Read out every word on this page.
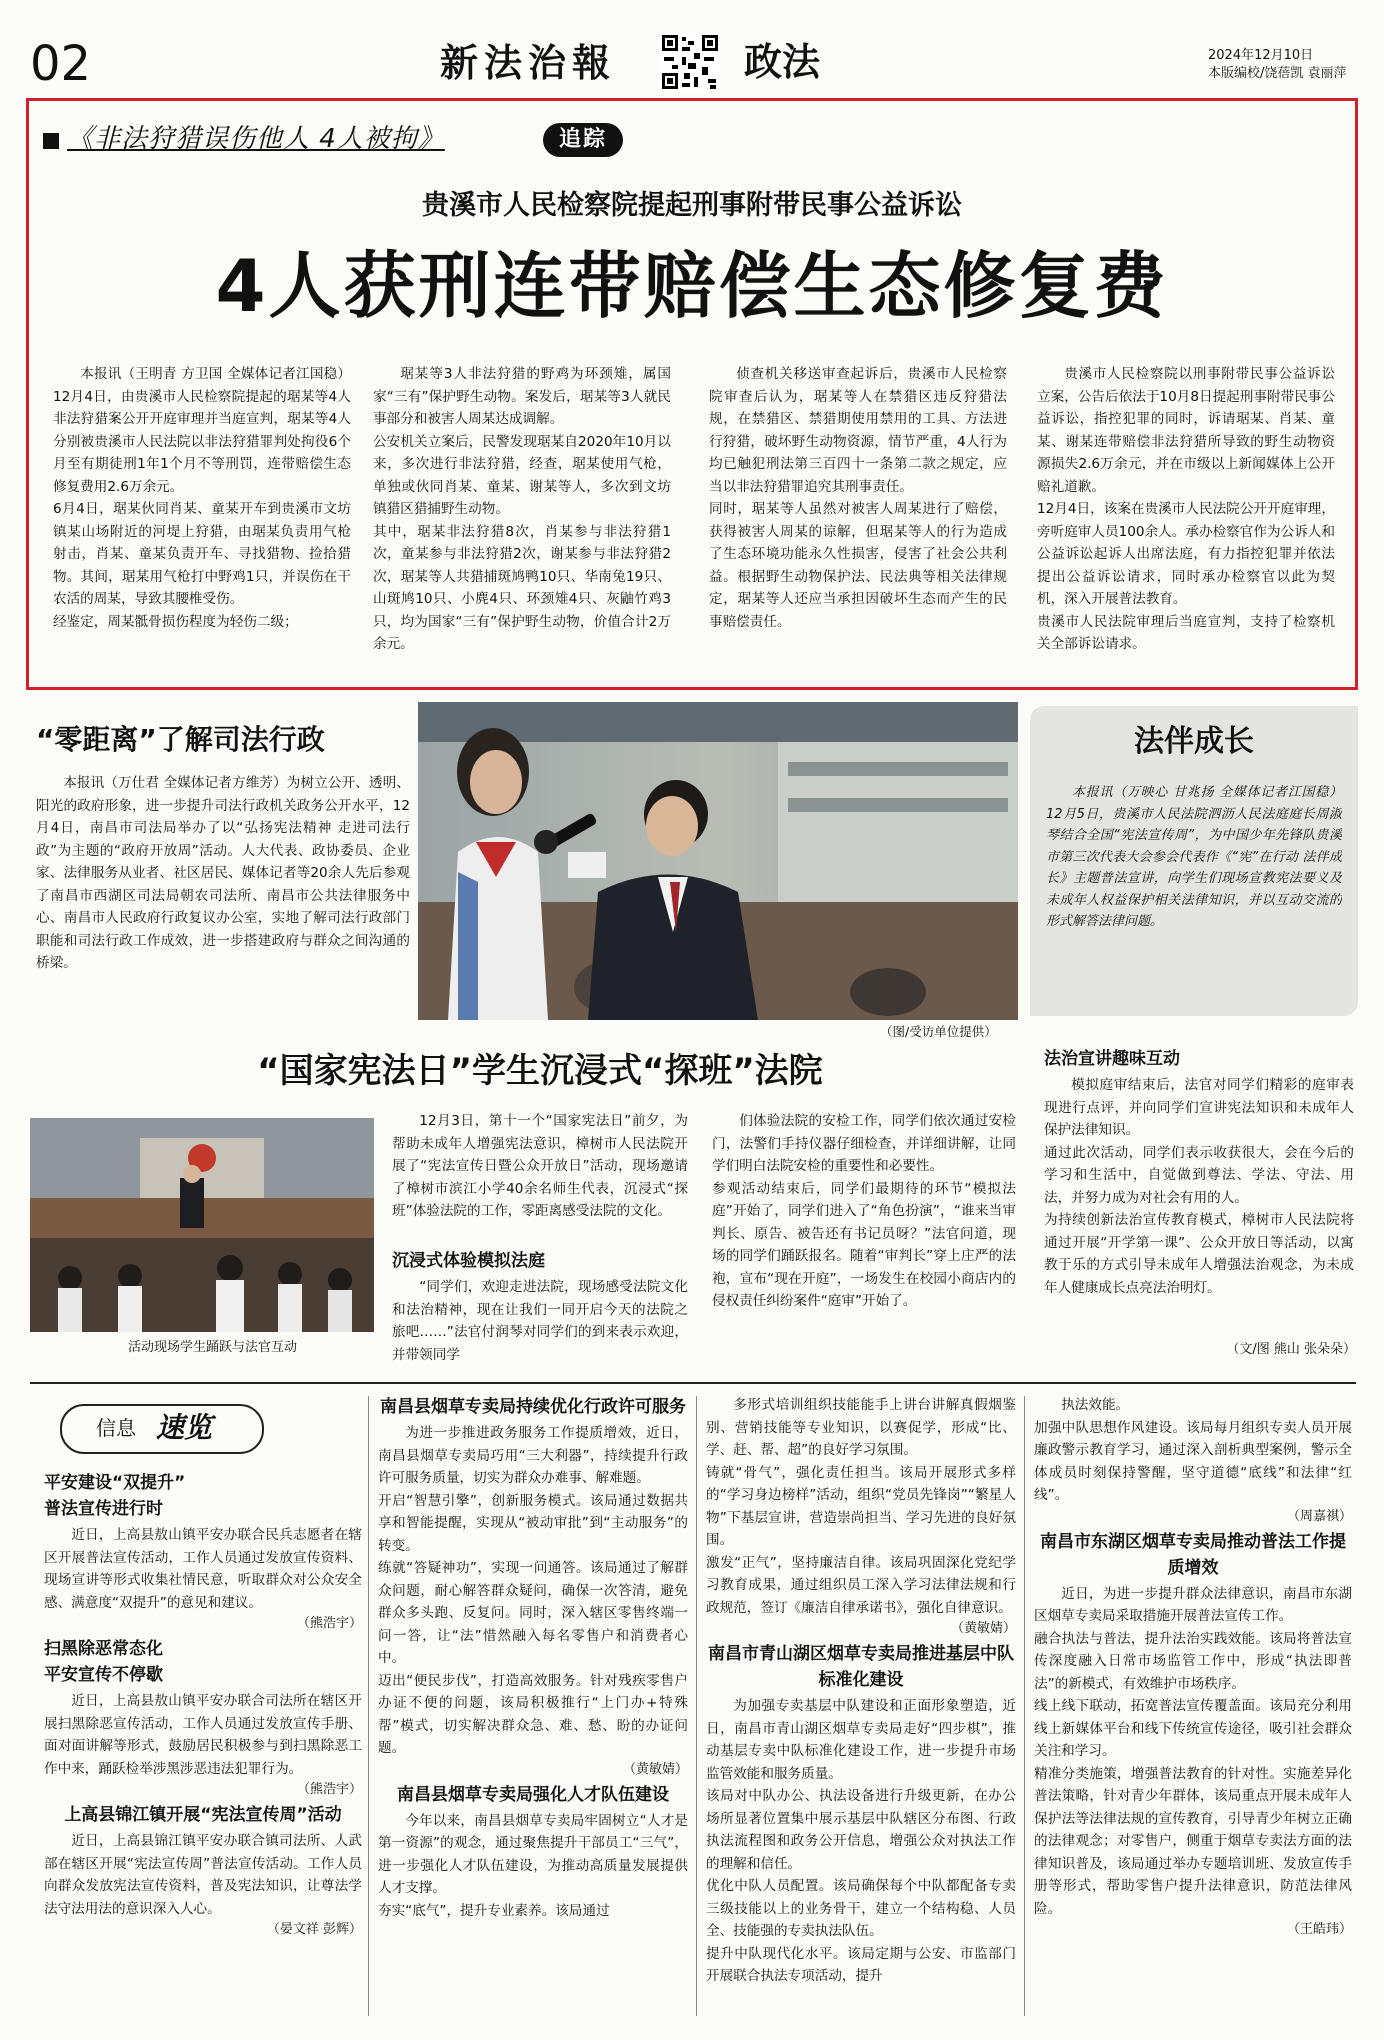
02	新法治報	政法	2024年12月10日
本版编校/饶蓓凯 袁丽萍
《非法狩猎误伤他人 4人被拘》	追踪
贵溪市人民检察院提起刑事附带民事公益诉讼
4人获刑连带赔偿生态修复费
本报讯（王明青 方卫国 全媒体记者江国稳）12月4日，由贵溪市人民检察院提起的琚某等4人非法狩猎案公开开庭审理并当庭宣判，琚某等4人分别被贵溪市人民法院以非法狩猎罪判处拘役6个月至有期徒刑1年1个月不等刑罚，连带赔偿生态修复费用2.6万余元。
6月4日，琚某伙同肖某、童某开车到贵溪市文坊镇某山场附近的河堤上狩猎，由琚某负责用气枪射击，肖某、童某负责开车、寻找猎物、捡拾猎物。其间，琚某用气枪打中野鸡1只，并误伤在干农活的周某，导致其腰椎受伤。
经鉴定，周某骶骨损伤程度为轻伤二级；
琚某等3人非法狩猎的野鸡为环颈雉，属国家“三有”保护野生动物。案发后，琚某等3人就民事部分和被害人周某达成调解。
公安机关立案后，民警发现琚某自2020年10月以来，多次进行非法狩猎，经查，琚某使用气枪，单独或伙同肖某、童某、谢某等人，多次到文坊镇猎区猎捕野生动物。
其中，琚某非法狩猎8次，肖某参与非法狩猎1次，童某参与非法狩猎2次，谢某参与非法狩猎2次，琚某等人共猎捕斑鸠鸭10只、华南兔19只、山斑鸠10只、小麂4只、环颈雉4只、灰鼬竹鸡3只，均为国家“三有”保护野生动物，价值合计2万余元。
侦查机关移送审查起诉后，贵溪市人民检察院审查后认为，琚某等人在禁猎区违反狩猎法规，在禁猎区、禁猎期使用禁用的工具、方法进行狩猎，破坏野生动物资源，情节严重，4人行为均已触犯刑法第三百四十一条第二款之规定，应当以非法狩猎罪追究其刑事责任。
同时，琚某等人虽然对被害人周某进行了赔偿，获得被害人周某的谅解，但琚某等人的行为造成了生态环境功能永久性损害，侵害了社会公共利益。根据野生动物保护法、民法典等相关法律规定，琚某等人还应当承担因破坏生态而产生的民事赔偿责任。
贵溪市人民检察院以刑事附带民事公益诉讼立案，公告后依法于10月8日提起刑事附带民事公益诉讼，指控犯罪的同时，诉请琚某、肖某、童某、谢某连带赔偿非法狩猎所导致的野生动物资源损失2.6万余元，并在市级以上新闻媒体上公开赔礼道歉。
12月4日，该案在贵溪市人民法院公开开庭审理，旁听庭审人员100余人。承办检察官作为公诉人和公益诉讼起诉人出席法庭，有力指控犯罪并依法提出公益诉讼请求，同时承办检察官以此为契机，深入开展普法教育。
贵溪市人民法院审理后当庭宣判，支持了检察机关全部诉讼请求。
“零距离”了解司法行政
本报讯（万仕君 全媒体记者方维芳）为树立公开、透明、阳光的政府形象，进一步提升司法行政机关政务公开水平，12月4日，南昌市司法局举办了以“弘扬宪法精神 走进司法行政”为主题的“政府开放周”活动。人大代表、政协委员、企业家、法律服务从业者、社区居民、媒体记者等20余人先后参观了南昌市西湖区司法局朝农司法所、南昌市公共法律服务中心、南昌市人民政府行政复议办公室，实地了解司法行政部门职能和司法行政工作成效，进一步搭建政府与群众之间沟通的桥梁。
（图/受访单位提供）
法伴成长
本报讯（万映心 甘兆扬 全媒体记者江国稳）12月5日，贵溪市人民法院泗沥人民法庭庭长周淑琴结合全国“宪法宣传周”，为中国少年先锋队贵溪市第三次代表大会参会代表作《“宪”在行动 法伴成长》主题普法宣讲，向学生们现场宣教宪法要义及未成年人权益保护相关法律知识，并以互动交流的形式解答法律问题。
“国家宪法日”学生沉浸式“探班”法院
活动现场学生踊跃与法官互动
12月3日，第十一个“国家宪法日”前夕，为帮助未成年人增强宪法意识，樟树市人民法院开展了“宪法宣传日暨公众开放日”活动，现场邀请了樟树市滨江小学40余名师生代表，沉浸式“探班”体验法院的工作，零距离感受法院的文化。
沉浸式体验模拟法庭
“同学们，欢迎走进法院，现场感受法院文化和法治精神，现在让我们一同开启今天的法院之旅吧……”法官付润琴对同学们的到来表示欢迎，并带领同学
们体验法院的安检工作，同学们依次通过安检门，法警们手持仪器仔细检查，并详细讲解，让同学们明白法院安检的重要性和必要性。
参观活动结束后，同学们最期待的环节“模拟法庭”开始了，同学们进入了“角色扮演”，“谁来当审判长、原告、被告还有书记员呀？”法官问道，现场的同学们踊跃报名。随着“审判长”穿上庄严的法袍，宣布“现在开庭”，一场发生在校园小商店内的侵权责任纠纷案件“庭审”开始了。
法治宣讲趣味互动
模拟庭审结束后，法官对同学们精彩的庭审表现进行点评，并向同学们宣讲宪法知识和未成年人保护法律知识。
通过此次活动，同学们表示收获很大，会在今后的学习和生活中，自觉做到尊法、学法、守法、用法，并努力成为对社会有用的人。
为持续创新法治宣传教育模式，樟树市人民法院将通过开展“开学第一课”、公众开放日等活动，以寓教于乐的方式引导未成年人增强法治观念，为未成年人健康成长点亮法治明灯。
（文/图 熊山 张朵朵）
信息 速览
平安建设“双提升”
普法宣传进行时
近日，上高县敖山镇平安办联合民兵志愿者在辖区开展普法宣传活动，工作人员通过发放宣传资料、现场宣讲等形式收集社情民意，听取群众对公众安全感、满意度“双提升”的意见和建议。
（熊浩宇）
扫黑除恶常态化
平安宣传不停歇
近日，上高县敖山镇平安办联合司法所在辖区开展扫黑除恶宣传活动，工作人员通过发放宣传手册、面对面讲解等形式，鼓励居民积极参与到扫黑除恶工作中来，踊跃检举涉黑涉恶违法犯罪行为。
（熊浩宇）
上高县锦江镇开展“宪法宣传周”活动
近日，上高县锦江镇平安办联合镇司法所、人武部在辖区开展“宪法宣传周”普法宣传活动。工作人员向群众发放宪法宣传资料，普及宪法知识，让尊法学法守法用法的意识深入人心。
（晏文祥 彭辉）
南昌县烟草专卖局持续优化行政许可服务
为进一步推进政务服务工作提质增效，近日，南昌县烟草专卖局巧用“三大利器”，持续提升行政许可服务质量，切实为群众办难事、解难题。
开启“智慧引擎”，创新服务模式。该局通过数据共享和智能提醒，实现从“被动审批”到“主动服务”的转变。
练就“答疑神功”，实现一问通答。该局通过了解群众问题，耐心解答群众疑问，确保一次答清，避免群众多头跑、反复问。同时，深入辖区零售终端一问一答，让“法”惜然融入每名零售户和消费者心中。
迈出“便民步伐”，打造高效服务。针对残疾零售户办证不便的问题，该局积极推行“上门办+特殊帮”模式，切实解决群众急、难、愁、盼的办证问题。
（黄敏婧）
南昌县烟草专卖局强化人才队伍建设
今年以来，南昌县烟草专卖局牢固树立“人才是第一资源”的观念，通过聚焦提升干部员工“三气”，进一步强化人才队伍建设，为推动高质量发展提供人才支撑。
夯实“底气”，提升专业素养。该局通过
多形式培训组织技能能手上讲台讲解真假烟鉴别、营销技能等专业知识，以赛促学，形成“比、学、赶、帮、超”的良好学习氛围。
铸就“骨气”，强化责任担当。该局开展形式多样的“学习身边榜样”活动，组织“党员先锋岗”“繁星人物”下基层宣讲，营造崇尚担当、学习先进的良好氛围。
激发“正气”，坚持廉洁自律。该局巩固深化党纪学习教育成果，通过组织员工深入学习法律法规和行政规范，签订《廉洁自律承诺书》，强化自律意识。
（黄敏婧）
南昌市青山湖区烟草专卖局推进基层中队标准化建设
为加强专卖基层中队建设和正面形象塑造，近日，南昌市青山湖区烟草专卖局走好“四步棋”，推动基层专卖中队标准化建设工作，进一步提升市场监管效能和服务质量。
该局对中队办公、执法设备进行升级更新，在办公场所显著位置集中展示基层中队辖区分布图、行政执法流程图和政务公开信息，增强公众对执法工作的理解和信任。
优化中队人员配置。该局确保每个中队都配备专卖三级技能以上的业务骨干，建立一个结构稳、人员全、技能强的专卖执法队伍。
提升中队现代化水平。该局定期与公安、市监部门开展联合执法专项活动，提升
执法效能。
加强中队思想作风建设。该局每月组织专卖人员开展廉政警示教育学习，通过深入剖析典型案例，警示全体成员时刻保持警醒，坚守道德“底线”和法律“红线”。
（周嘉祺）
南昌市东湖区烟草专卖局推动普法工作提质增效
近日，为进一步提升群众法律意识，南昌市东湖区烟草专卖局采取措施开展普法宣传工作。
融合执法与普法，提升法治实践效能。该局将普法宣传深度融入日常市场监管工作中，形成“执法即普法”的新模式，有效维护市场秩序。
线上线下联动，拓宽普法宣传覆盖面。该局充分利用线上新媒体平台和线下传统宣传途径，吸引社会群众关注和学习。
精准分类施策，增强普法教育的针对性。实施差异化普法策略，针对青少年群体，该局重点开展未成年人保护法等法律法规的宣传教育，引导青少年树立正确的法律观念；对零售户，侧重于烟草专卖法方面的法律知识普及，该局通过举办专题培训班、发放宣传手册等形式，帮助零售户提升法律意识，防范法律风险。
（王皓玮）
